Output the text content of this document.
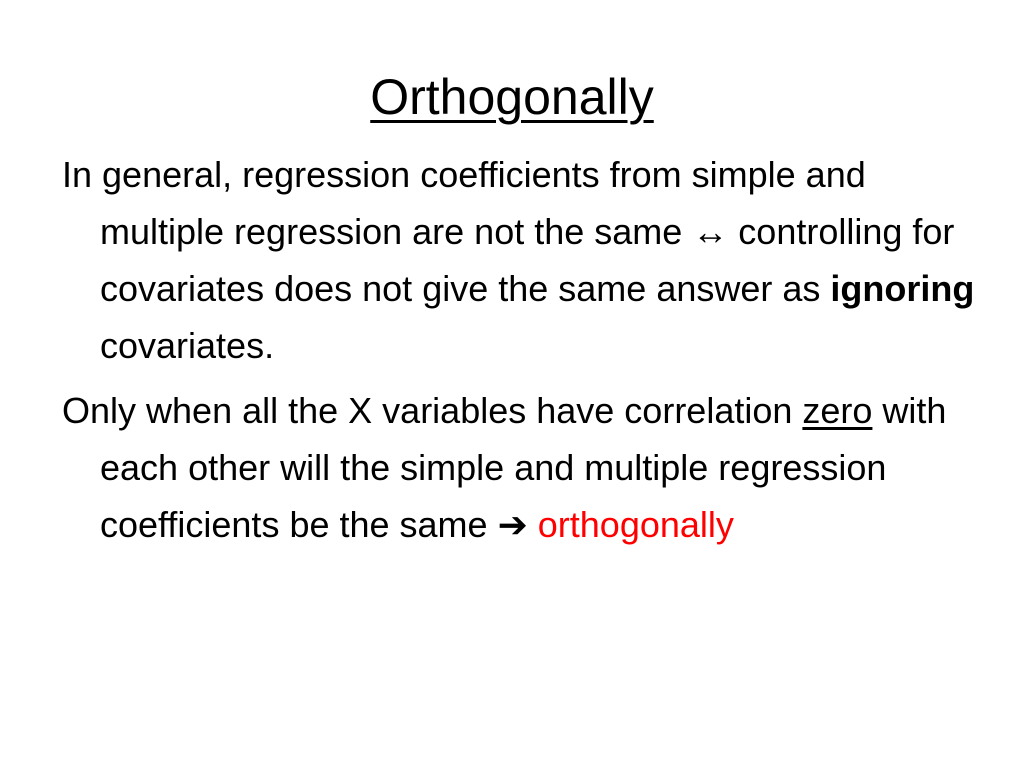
Orthogonally

In general, regression coefficients from simple and multiple regression are not the same ↔ controlling for covariates does not give the same answer as ignoring covariates.

Only when all the X variables have correlation zero with each other will the simple and multiple regression coefficients be the same ➔ orthogonally
